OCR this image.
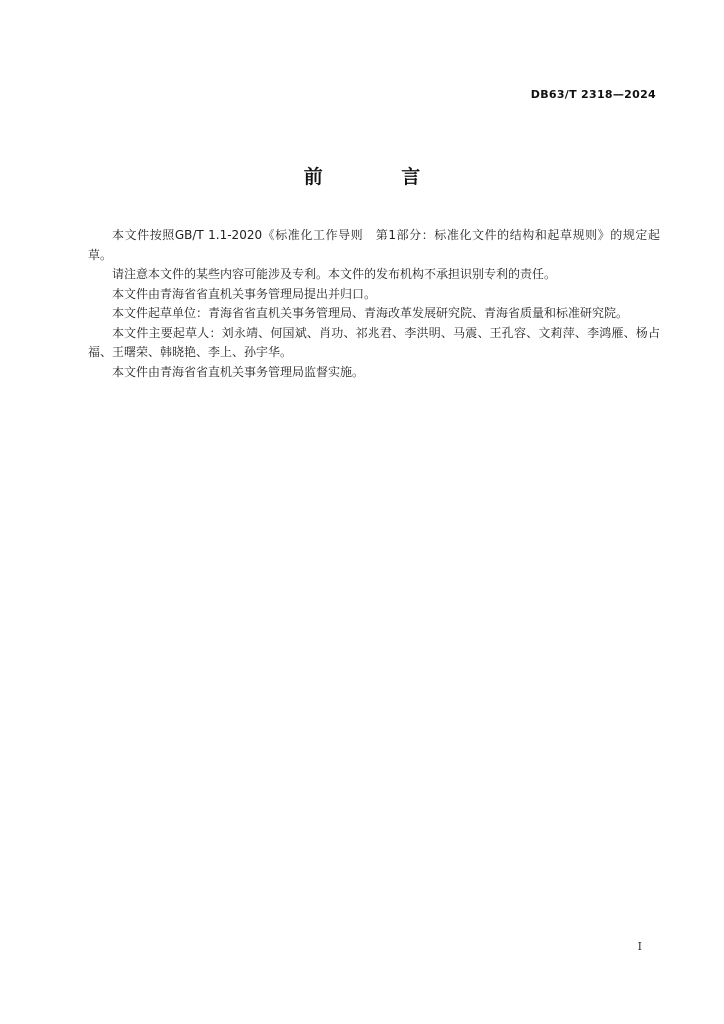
DB63/T 2318—2024
前 言

本文件按照GB/T 1.1-2020《标准化工作导则　第1部分：标准化文件的结构和起草规则》的规定起草。

请注意本文件的某些内容可能涉及专利。本文件的发布机构不承担识别专利的责任。

本文件由青海省省直机关事务管理局提出并归口。

本文件起草单位：青海省省直机关事务管理局、青海改革发展研究院、青海省质量和标准研究院。

本文件主要起草人：刘永靖、何国斌、肖功、祁兆君、李洪明、马震、王孔容、文莉萍、李鸿雁、杨占福、王曙荣、韩晓艳、李上、孙宇华。

本文件由青海省省直机关事务管理局监督实施。

I
